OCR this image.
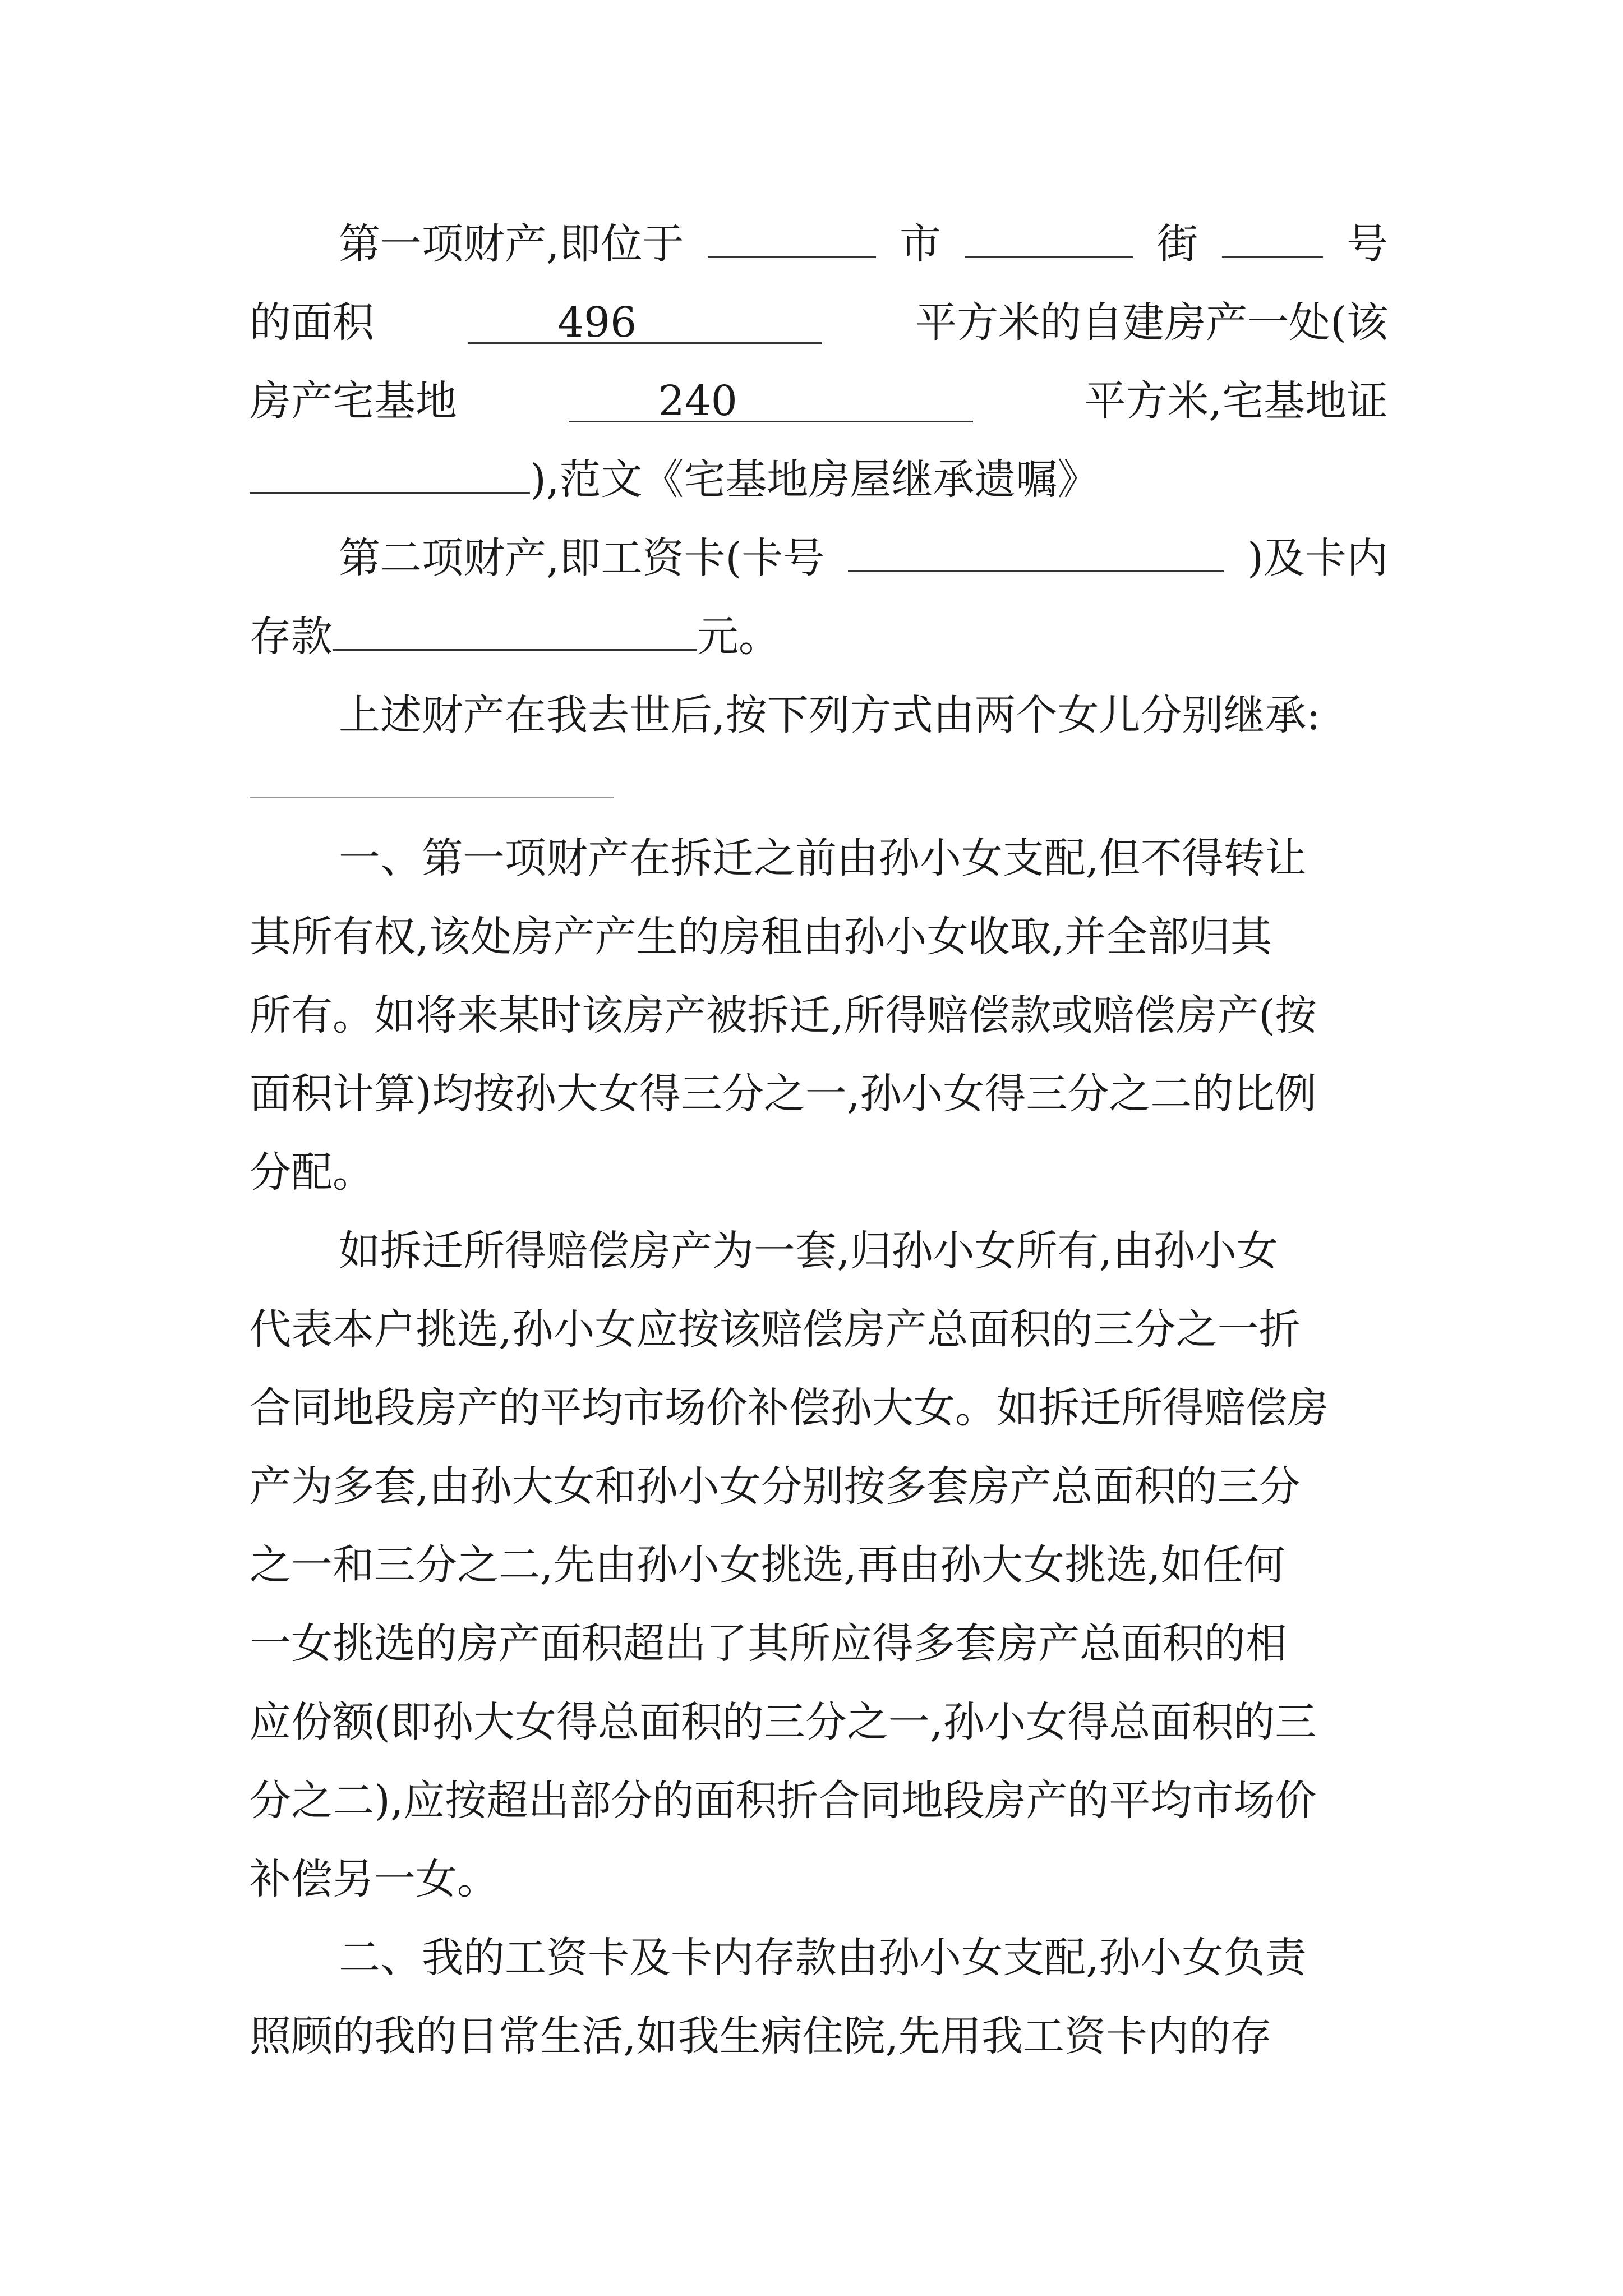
第一项财产,即位于	市	街	号
的面积	496	平方米的自建房产一处(该
房产宅基地	240	平方米,宅基地证
),范文《宅基地房屋继承遗嘱》
第二项财产,即工资卡(卡号	)及卡内
存款	元。
上述财产在我去世后,按下列方式由两个女儿分别继承:
一、第一项财产在拆迁之前由孙小女支配,但不得转让
其所有权,该处房产产生的房租由孙小女收取,并全部归其
所有。如将来某时该房产被拆迁,所得赔偿款或赔偿房产(按
面积计算)均按孙大女得三分之一,孙小女得三分之二的比例
分配。
如拆迁所得赔偿房产为一套,归孙小女所有,由孙小女
代表本户挑选,孙小女应按该赔偿房产总面积的三分之一折
合同地段房产的平均市场价补偿孙大女。如拆迁所得赔偿房
产为多套,由孙大女和孙小女分别按多套房产总面积的三分
之一和三分之二,先由孙小女挑选,再由孙大女挑选,如任何
一女挑选的房产面积超出了其所应得多套房产总面积的相
应份额(即孙大女得总面积的三分之一,孙小女得总面积的三
分之二),应按超出部分的面积折合同地段房产的平均市场价
补偿另一女。
二、我的工资卡及卡内存款由孙小女支配,孙小女负责
照顾的我的日常生活,如我生病住院,先用我工资卡内的存
